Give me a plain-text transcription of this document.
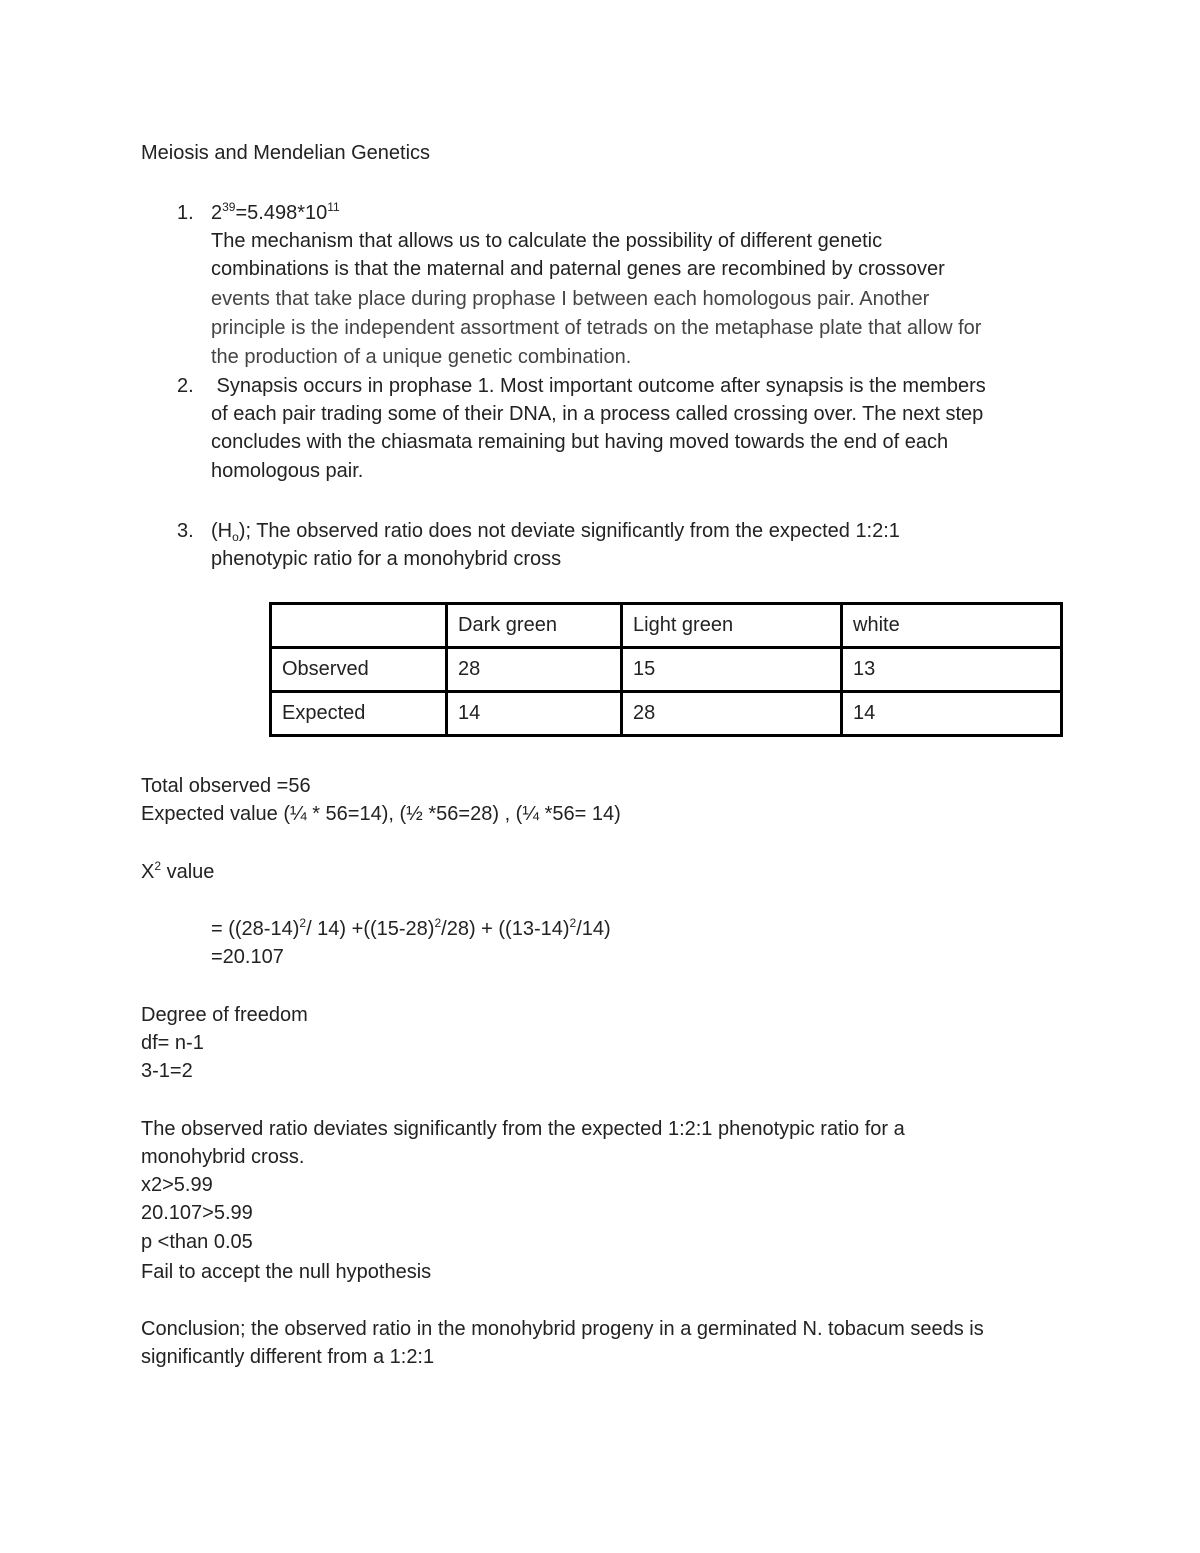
Meiosis and Mendelian Genetics
1. $2^{39}=5.498*10^{11}$
The mechanism that allows us to calculate the possibility of different genetic
combinations is that the maternal and paternal genes are recombined by crossover
events that take place during prophase I between each homologous pair. Another
principle is the independent assortment of tetrads on the metaphase plate that allow for
the production of a unique genetic combination.
2. Synapsis occurs in prophase 1. Most important outcome after synapsis is the members
of each pair trading some of their DNA, in a process called crossing over. The next step
concludes with the chiasmata remaining but having moved towards the end of each
homologous pair.
3. $(H_o)$; The observed ratio does not deviate significantly from the expected 1:2:1
phenotypic ratio for a monohybrid cross
	Dark green	Light green	white
Observed	28	15	13
Expected	14	28	14
Total observed =56
Expected value (¼ * 56=14), (½ *56=28) , (¼ *56= 14)
$X^2$ value
= ($(28-14)^2/$ $14) +((15-28)^2/28) + ((13-14)^2/14)$
=20.107
Degree of freedom
df= n-1
3-1=2
The observed ratio deviates significantly from the expected 1:2:1 phenotypic ratio for a
monohybrid cross.
x2>5.99
20.107>5.99
p <than 0.05
Fail to accept the null hypothesis
Conclusion; the observed ratio in the monohybrid progeny in a germinated N. tobacum seeds is
significantly different from a 1:2:1
